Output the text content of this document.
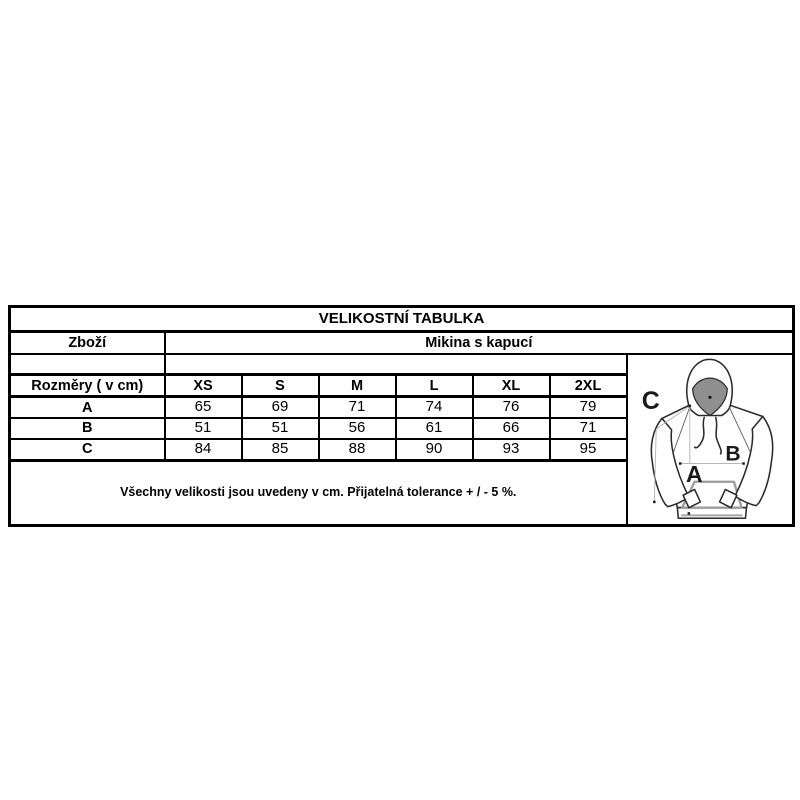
VELIKOSTNÍ TABULKA							
Zboží	Mikina s kapucí						

C
B
A

Rozměry ( v cm)	XS	S	M	L	XL	2XL	
A	65	69	71	74	76	79	
B	51	51	56	61	66	71	
C	84	85	88	90	93	95	
Všechny velikosti jsou uvedeny v cm. Přijatelná tolerance + / - 5 %.							
